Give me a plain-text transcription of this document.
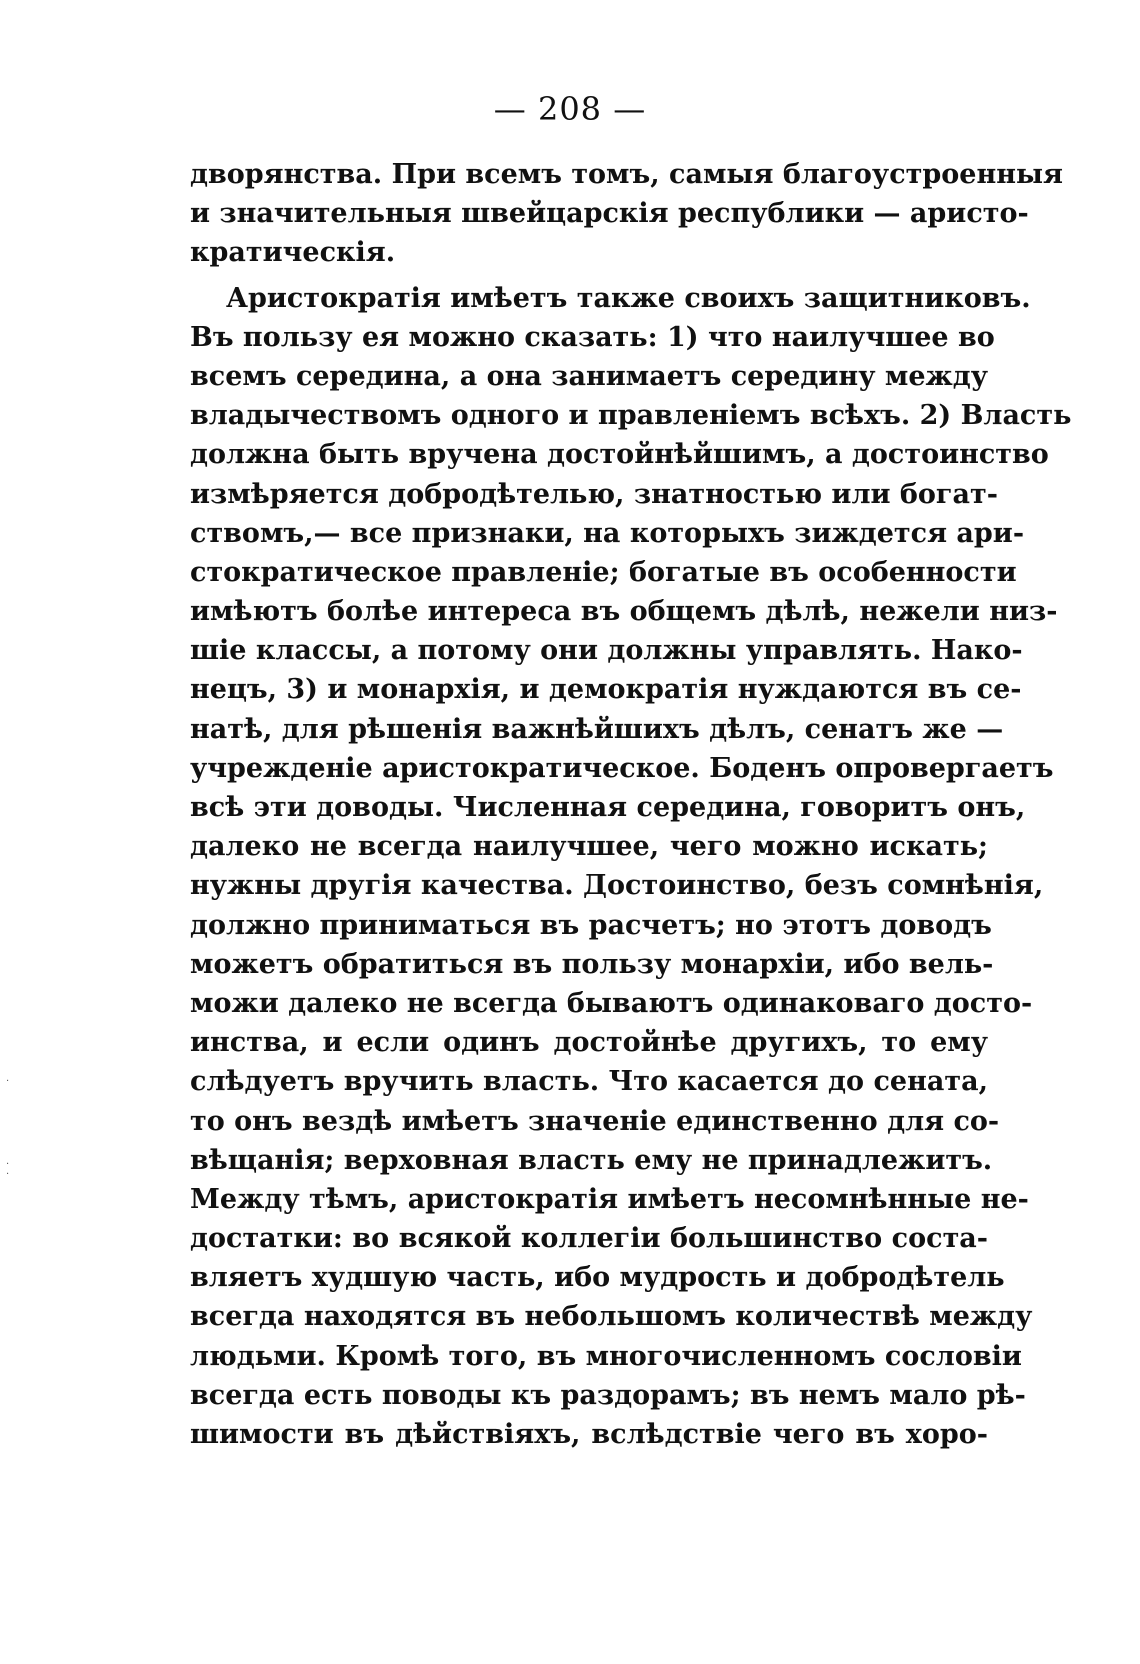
— 208 —
дворянства. При всемъ томъ, самыя благоустроенныя
и значительныя швейцарскія республики — аристо-
кратическія.
Аристократія имѣетъ также своихъ защитниковъ.
Въ пользу ея можно сказать: 1) что наилучшее во
всемъ середина, а она занимаетъ середину между
владычествомъ одного и правленіемъ всѣхъ. 2) Власть
должна быть вручена достойнѣйшимъ, а достоинство
измѣряется добродѣтелью, знатностью или богат-
ствомъ,— все признаки, на которыхъ зиждется ари-
стократическое правленіе; богатые въ особенности
имѣютъ болѣе интереса въ общемъ дѣлѣ, нежели низ-
шіе классы, а потому они должны управлять. Нако-
нецъ, 3) и монархія, и демократія нуждаются въ се-
натѣ, для рѣшенія важнѣйшихъ дѣлъ, сенатъ же —
учрежденіе аристократическое. Боденъ опровергаетъ
всѣ эти доводы. Численная середина, говоритъ онъ,
далеко не всегда наилучшее, чего можно искать;
нужны другія качества. Достоинство, безъ сомнѣнія,
должно приниматься въ расчетъ; но этотъ доводъ
можетъ обратиться въ пользу монархіи, ибо вель-
можи далеко не всегда бываютъ одинаковаго досто-
инства, и если одинъ достойнѣе другихъ, то ему
слѣдуетъ вручить власть. Что касается до сената,
то онъ вездѣ имѣетъ значеніе единственно для со-
вѣщанія; верховная власть ему не принадлежитъ.
Между тѣмъ, аристократія имѣетъ несомнѣнные не-
достатки: во всякой коллегіи большинство соста-
вляетъ худшую часть, ибо мудрость и добродѣтель
всегда находятся въ небольшомъ количествѣ между
людьми. Кромѣ того, въ многочисленномъ сословіи
всегда есть поводы къ раздорамъ; въ немъ мало рѣ-
шимости въ дѣйствіяхъ, вслѣдствіе чего въ хоро-
·
·
·
